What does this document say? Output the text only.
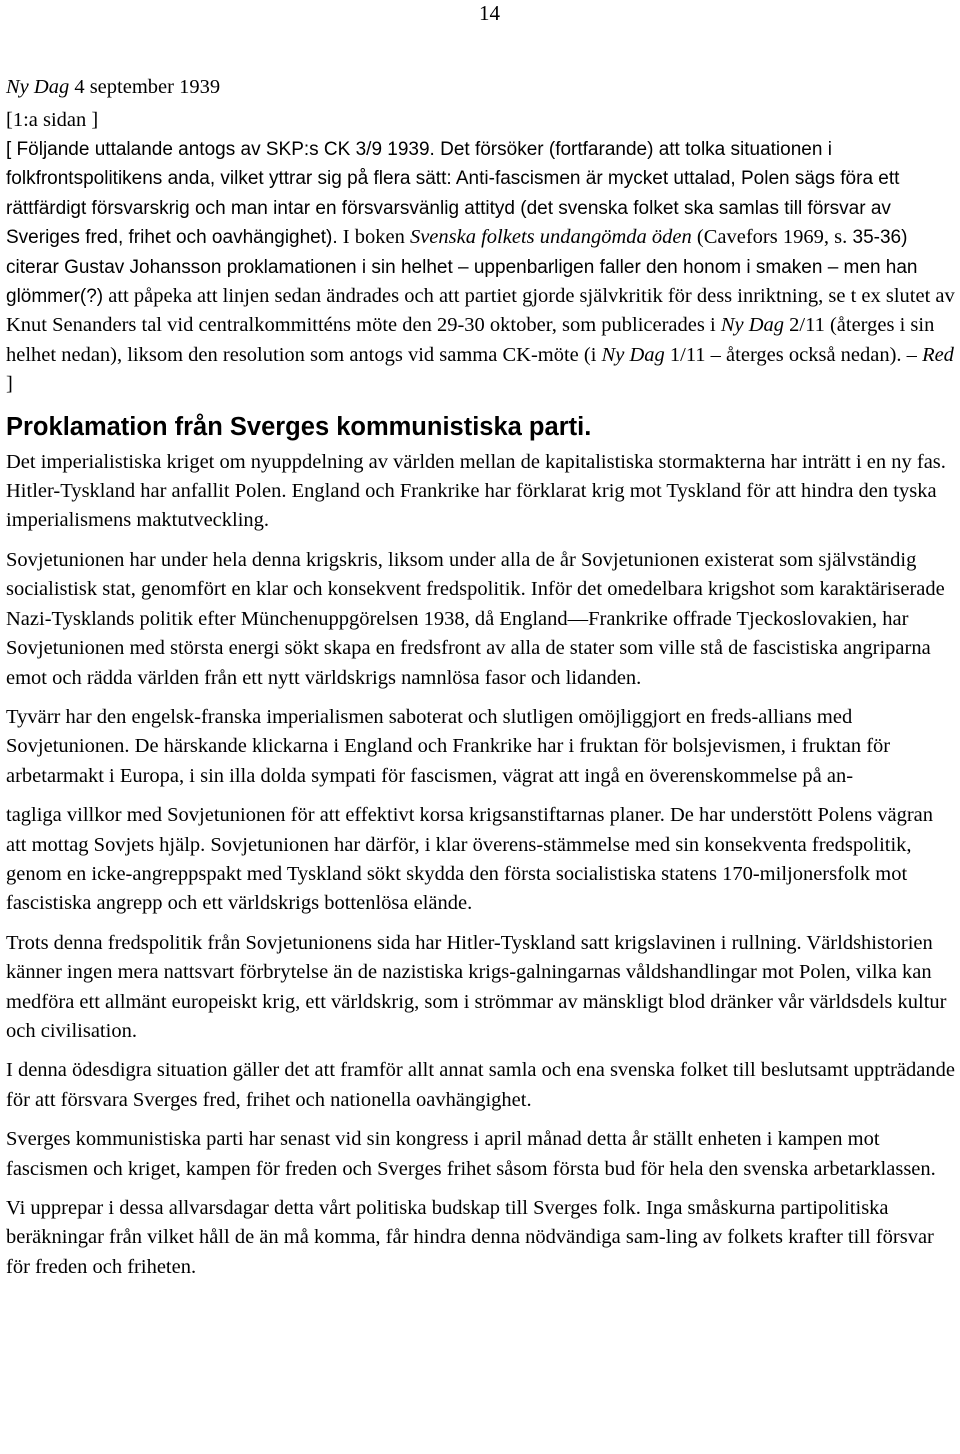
14

Ny Dag 4 september 1939

[1:a sidan ]

[ Följande uttalande antogs av SKP:s CK 3/9 1939. Det försöker (fortfarande) att tolka situationen i folkfrontspolitikens anda, vilket yttrar sig på flera sätt: Anti-fascismen är mycket uttalad, Polen sägs föra ett rättfärdigt försvarskrig och man intar en försvarsvänlig attityd (det svenska folket ska samlas till försvar av Sveriges fred, frihet och oavhängighet). I boken Svenska folkets undangömda öden (Cavefors 1969, s. 35-36) citerar Gustav Johansson proklamationen i sin helhet – uppenbarligen faller den honom i smaken – men han glömmer(?) att påpeka att linjen sedan ändrades och att partiet gjorde självkritik för dess inriktning, se t ex slutet av Knut Senanders tal vid centralkommitténs möte den 29-30 oktober, som publicerades i Ny Dag 2/11 (återges i sin helhet nedan), liksom den resolution som antogs vid samma CK-möte (i Ny Dag 1/11 – återges också nedan). – Red ]

Proklamation från Sverges kommunistiska parti.

Det imperialistiska kriget om nyuppdelning av världen mellan de kapitalistiska stormakterna har inträtt i en ny fas. Hitler-Tyskland har anfallit Polen. England och Frankrike har förklarat krig mot Tyskland för att hindra den tyska imperialismens maktutveckling.

Sovjetunionen har under hela denna krigskris, liksom under alla de år Sovjetunionen existerat som självständig socialistisk stat, genomfört en klar och konsekvent fredspolitik. Inför det omedelbara krigshot som karaktäriserade Nazi-Tysklands politik efter Münchenuppgörelsen 1938, då England—Frankrike offrade Tjeckoslovakien, har Sovjetunionen med största energi sökt skapa en fredsfront av alla de stater som ville stå de fascistiska angriparna emot och rädda världen från ett nytt världskrigs namnlösa fasor och lidanden.

Tyvärr har den engelsk-franska imperialismen saboterat och slutligen omöjliggjort en freds-allians med Sovjetunionen. De härskande klickarna i England och Frankrike har i fruktan för bolsjevismen, i fruktan för arbetarmakt i Europa, i sin illa dolda sympati för fascismen, vägrat att ingå en överenskommelse på an-

tagliga villkor med Sovjetunionen för att effektivt korsa krigsanstiftarnas planer. De har understött Polens vägran att mottag Sovjets hjälp. Sovjetunionen har därför, i klar överens-stämmelse med sin konsekventa fredspolitik, genom en icke-angreppspakt med Tyskland sökt skydda den första socialistiska statens 170-miljonersfolk mot fascistiska angrepp och ett världskrigs bottenlösa elände.

Trots denna fredspolitik från Sovjetunionens sida har Hitler-Tyskland satt krigslavinen i rullning. Världshistorien känner ingen mera nattsvart förbrytelse än de nazistiska krigs-galningarnas våldshandlingar mot Polen, vilka kan medföra ett allmänt europeiskt krig, ett världskrig, som i strömmar av mänskligt blod dränker vår världsdels kultur och civilisation.

I denna ödesdigra situation gäller det att framför allt annat samla och ena svenska folket till beslutsamt uppträdande för att försvara Sverges fred, frihet och nationella oavhängighet.

Sverges kommunistiska parti har senast vid sin kongress i april månad detta år ställt enheten i kampen mot fascismen och kriget, kampen för freden och Sverges frihet såsom första bud för hela den svenska arbetarklassen.

Vi upprepar i dessa allvarsdagar detta vårt politiska budskap till Sverges folk. Inga småskurna partipolitiska beräkningar från vilket håll de än må komma, får hindra denna nödvändiga sam-ling av folkets krafter till försvar för freden och friheten.
